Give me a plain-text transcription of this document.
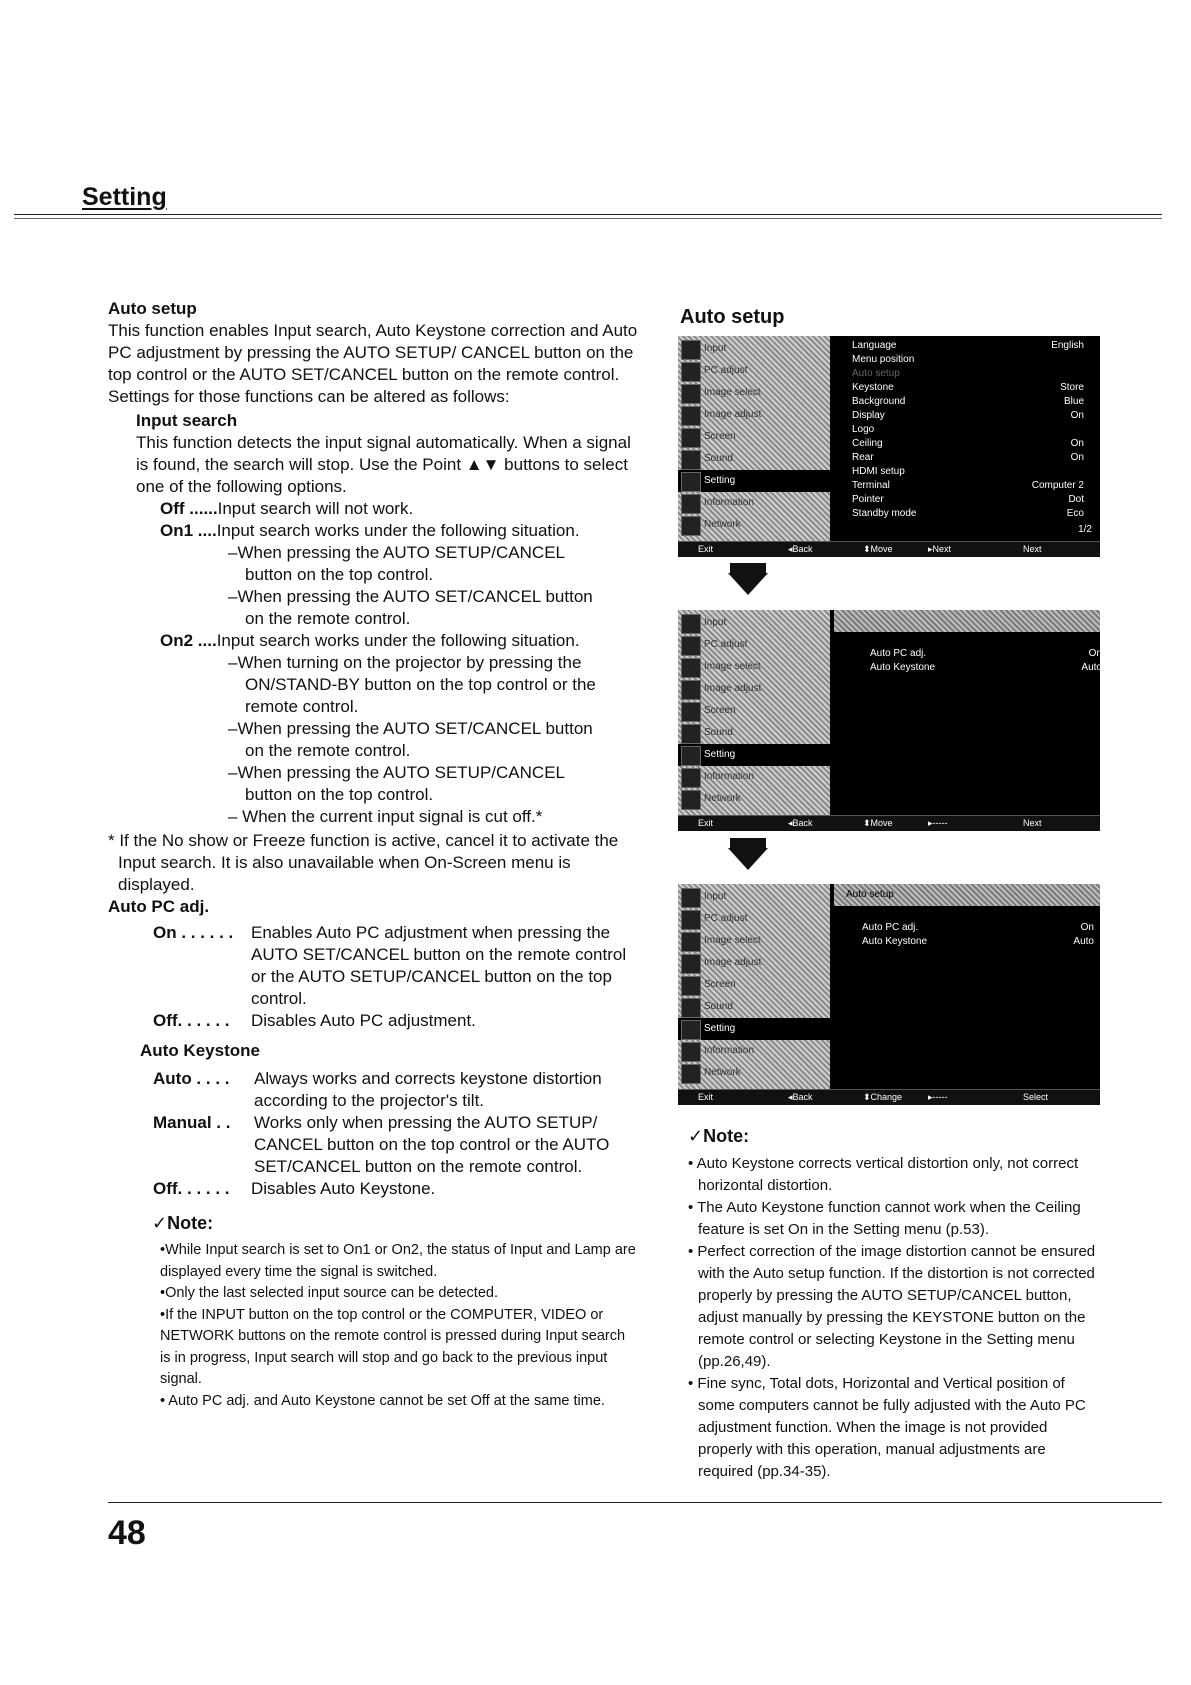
Setting

Auto setup

This function enables Input search, Auto Keystone correction and Auto PC adjustment by pressing the AUTO SETUP/ CANCEL button on the top control or the AUTO SET/CANCEL button on the remote control. Settings for those functions can be altered as follows:

Input search

This function detects the input signal automatically. When a signal is found, the search will stop. Use the Point ▲▼ buttons to select one of the following options.

Off ...... Input search will not work.
On1 .... Input search works under the following situation.

–When pressing the AUTO SETUP/CANCEL

button on the top control.

–When pressing the AUTO SET/CANCEL button

on the remote control.

On2 .... Input search works under the following situation.

–When turning on the projector by pressing the

ON/STAND-BY button on the top control or the

remote control.

–When pressing the AUTO SET/CANCEL button

on the remote control.

–When pressing the AUTO SETUP/CANCEL

button on the top control.

– When the current input signal is cut off.*

* If the No show or Freeze function is active, cancel it to activate the Input search. It is also unavailable when On-Screen menu is displayed.

Auto PC adj.

On . . . . . .	Enables Auto PC adjustment when pressing the AUTO SET/CANCEL button on the remote control or the AUTO SETUP/CANCEL button on the top control.
Off. . . . . .	Disables Auto PC adjustment.

Auto Keystone

Auto . . . .	Always works and corrects keystone distortion according to the projector's tilt.
Manual . .	Works only when pressing the AUTO SETUP/ CANCEL button on the top control or the AUTO SET/CANCEL button on the remote control.
Off. . . . . .	Disables Auto Keystone.

✓Note:

•While Input search is set to On1 or On2, the status of Input and Lamp are displayed every time the signal is switched.

•Only the last selected input source can be detected.

•If the INPUT button on the top control or the COMPUTER, VIDEO or NETWORK buttons on the remote control is pressed during Input search is in progress, Input search will stop and go back to the previous input signal.

• Auto PC adj. and Auto Keystone cannot be set Off at the same time.

Auto setup
Input
PC adjust
Image select
Image adjust
Screen
Sound
Setting
Information
Network
Language	English
Menu position
Auto setup
Keystone	Store
Background	Blue
Display	On
Logo
Ceiling	On
Rear	On
HDMI setup
Terminal	Computer 2
Pointer	Dot
Standby mode	Eco
1/2
Exit	◂Back	⬍Move	▸Next	Next
Input
PC adjust
Image select
Image adjust
Screen
Sound
Setting
Information
Network
Auto PC adj.	On
Auto Keystone	Auto
Exit	◂Back	⬍Move	▸-----	Next
Input
PC adjust
Image select
Image adjust
Screen
Sound
Setting
Information
Network
Auto setup
Auto PC adj.	On
Auto Keystone	Auto
Exit	◂Back	⬍Change	▸-----	Select

✓Note:

• Auto Keystone corrects vertical distortion only, not correct horizontal distortion.

• The Auto Keystone function cannot work when the Ceiling feature is set On in the Setting menu (p.53).

• Perfect correction of the image distortion cannot be ensured with the Auto setup function. If the distortion is not corrected properly by pressing the AUTO SETUP/CANCEL button, adjust manually by pressing the KEYSTONE button on the remote control or selecting Keystone in the Setting menu (pp.26,49).

• Fine sync, Total dots, Horizontal and Vertical position of some computers cannot be fully adjusted with the Auto PC adjustment function. When the image is not provided properly with this operation, manual adjustments are required (pp.34-35).

48
